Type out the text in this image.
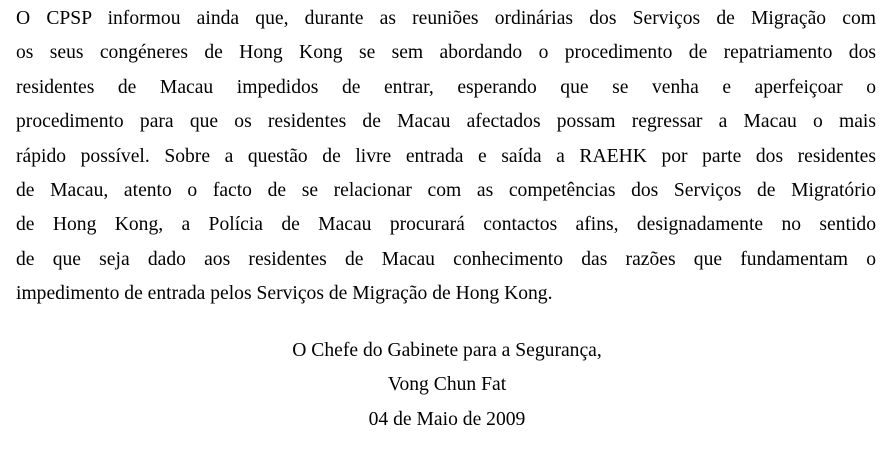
O CPSP informou ainda que, durante as reuniões ordinárias dos Serviços de Migração com
os seus congéneres de Hong Kong se sem abordando o procedimento de repatriamento dos
residentes de Macau impedidos de entrar, esperando que se venha e aperfeiçoar o
procedimento para que os residentes de Macau afectados possam regressar a Macau o mais
rápido possível. Sobre a questão de livre entrada e saída a RAEHK por parte dos residentes
de Macau, atento o facto de se relacionar com as competências dos Serviços de Migratório
de Hong Kong, a Polícia de Macau procurará contactos afins, designadamente no sentido
de que seja dado aos residentes de Macau conhecimento das razões que fundamentam o
impedimento de entrada pelos Serviços de Migração de Hong Kong.

O Chefe do Gabinete para a Segurança,
Vong Chun Fat
04 de Maio de 2009
